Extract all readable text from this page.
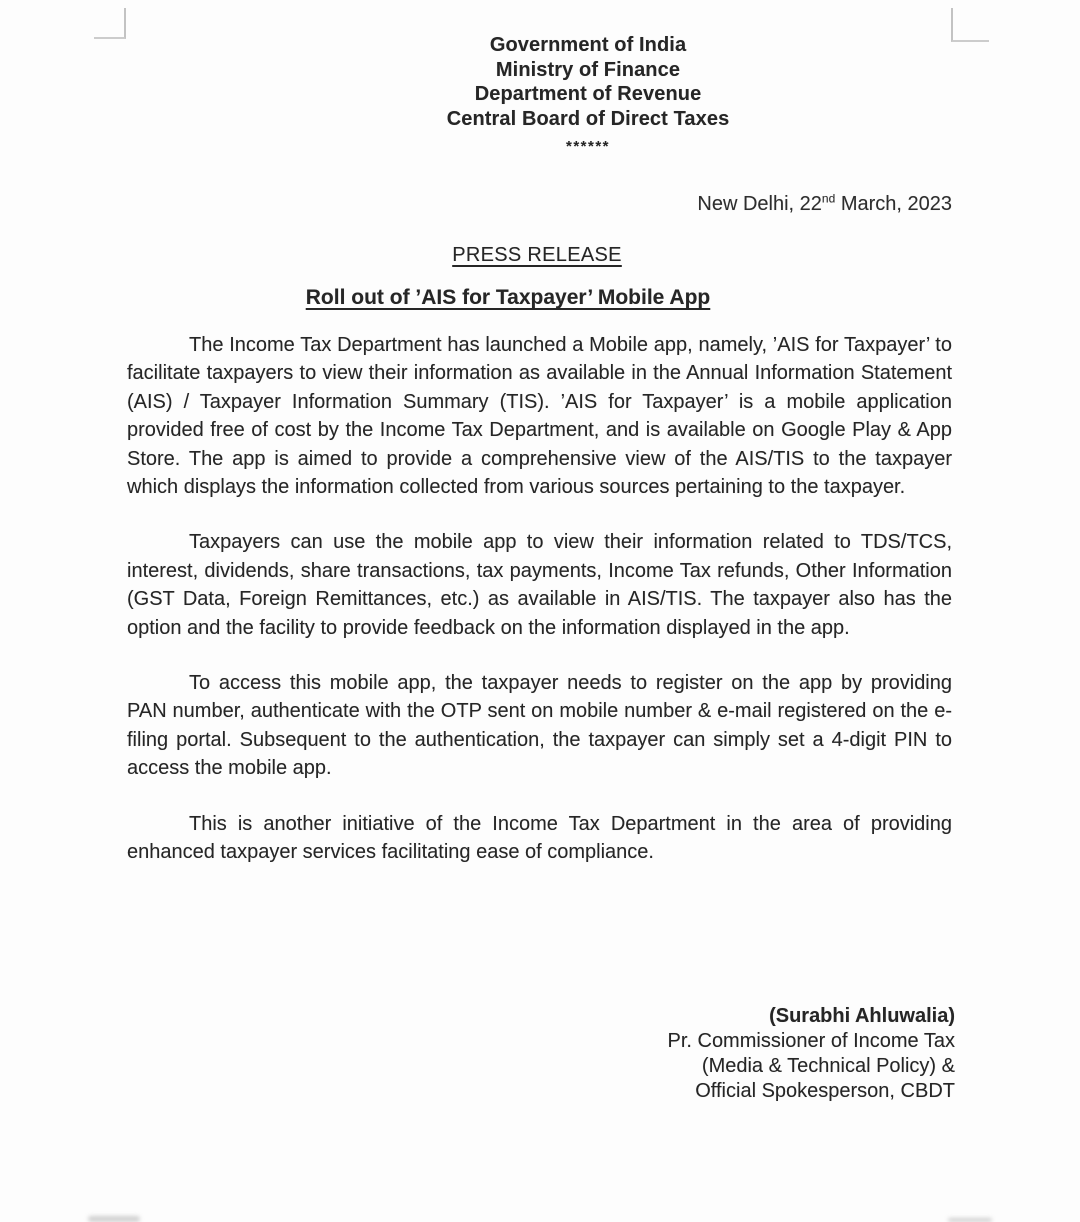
Government of India
Ministry of Finance
Department of Revenue
Central Board of Direct Taxes
******
New Delhi, 22nd March, 2023
PRESS RELEASE
Roll out of ’AIS for Taxpayer’ Mobile App

The Income Tax Department has launched a Mobile app, namely, ’AIS for Taxpayer’ to facilitate taxpayers to view their information as available in the Annual Information Statement (AIS) / Taxpayer Information Summary (TIS). ’AIS for Taxpayer’ is a mobile application provided free of cost by the Income Tax Department, and is available on Google Play & App Store. The app is aimed to provide a comprehensive view of the AIS/TIS to the taxpayer which displays the information collected from various sources pertaining to the taxpayer.

Taxpayers can use the mobile app to view their information related to TDS/TCS, interest, dividends, share transactions, tax payments, Income Tax refunds, Other Information (GST Data, Foreign Remittances, etc.) as available in AIS/TIS. The taxpayer also has the option and the facility to provide feedback on the information displayed in the app.

To access this mobile app, the taxpayer needs to register on the app by providing PAN number, authenticate with the OTP sent on mobile number & e-mail registered on the e-filing portal. Subsequent to the authentication, the taxpayer can simply set a 4-digit PIN to access the mobile app.

This is another initiative of the Income Tax Department in the area of providing enhanced taxpayer services facilitating ease of compliance.

(Surabhi Ahluwalia)
Pr. Commissioner of Income Tax
(Media & Technical Policy) &
Official Spokesperson, CBDT
